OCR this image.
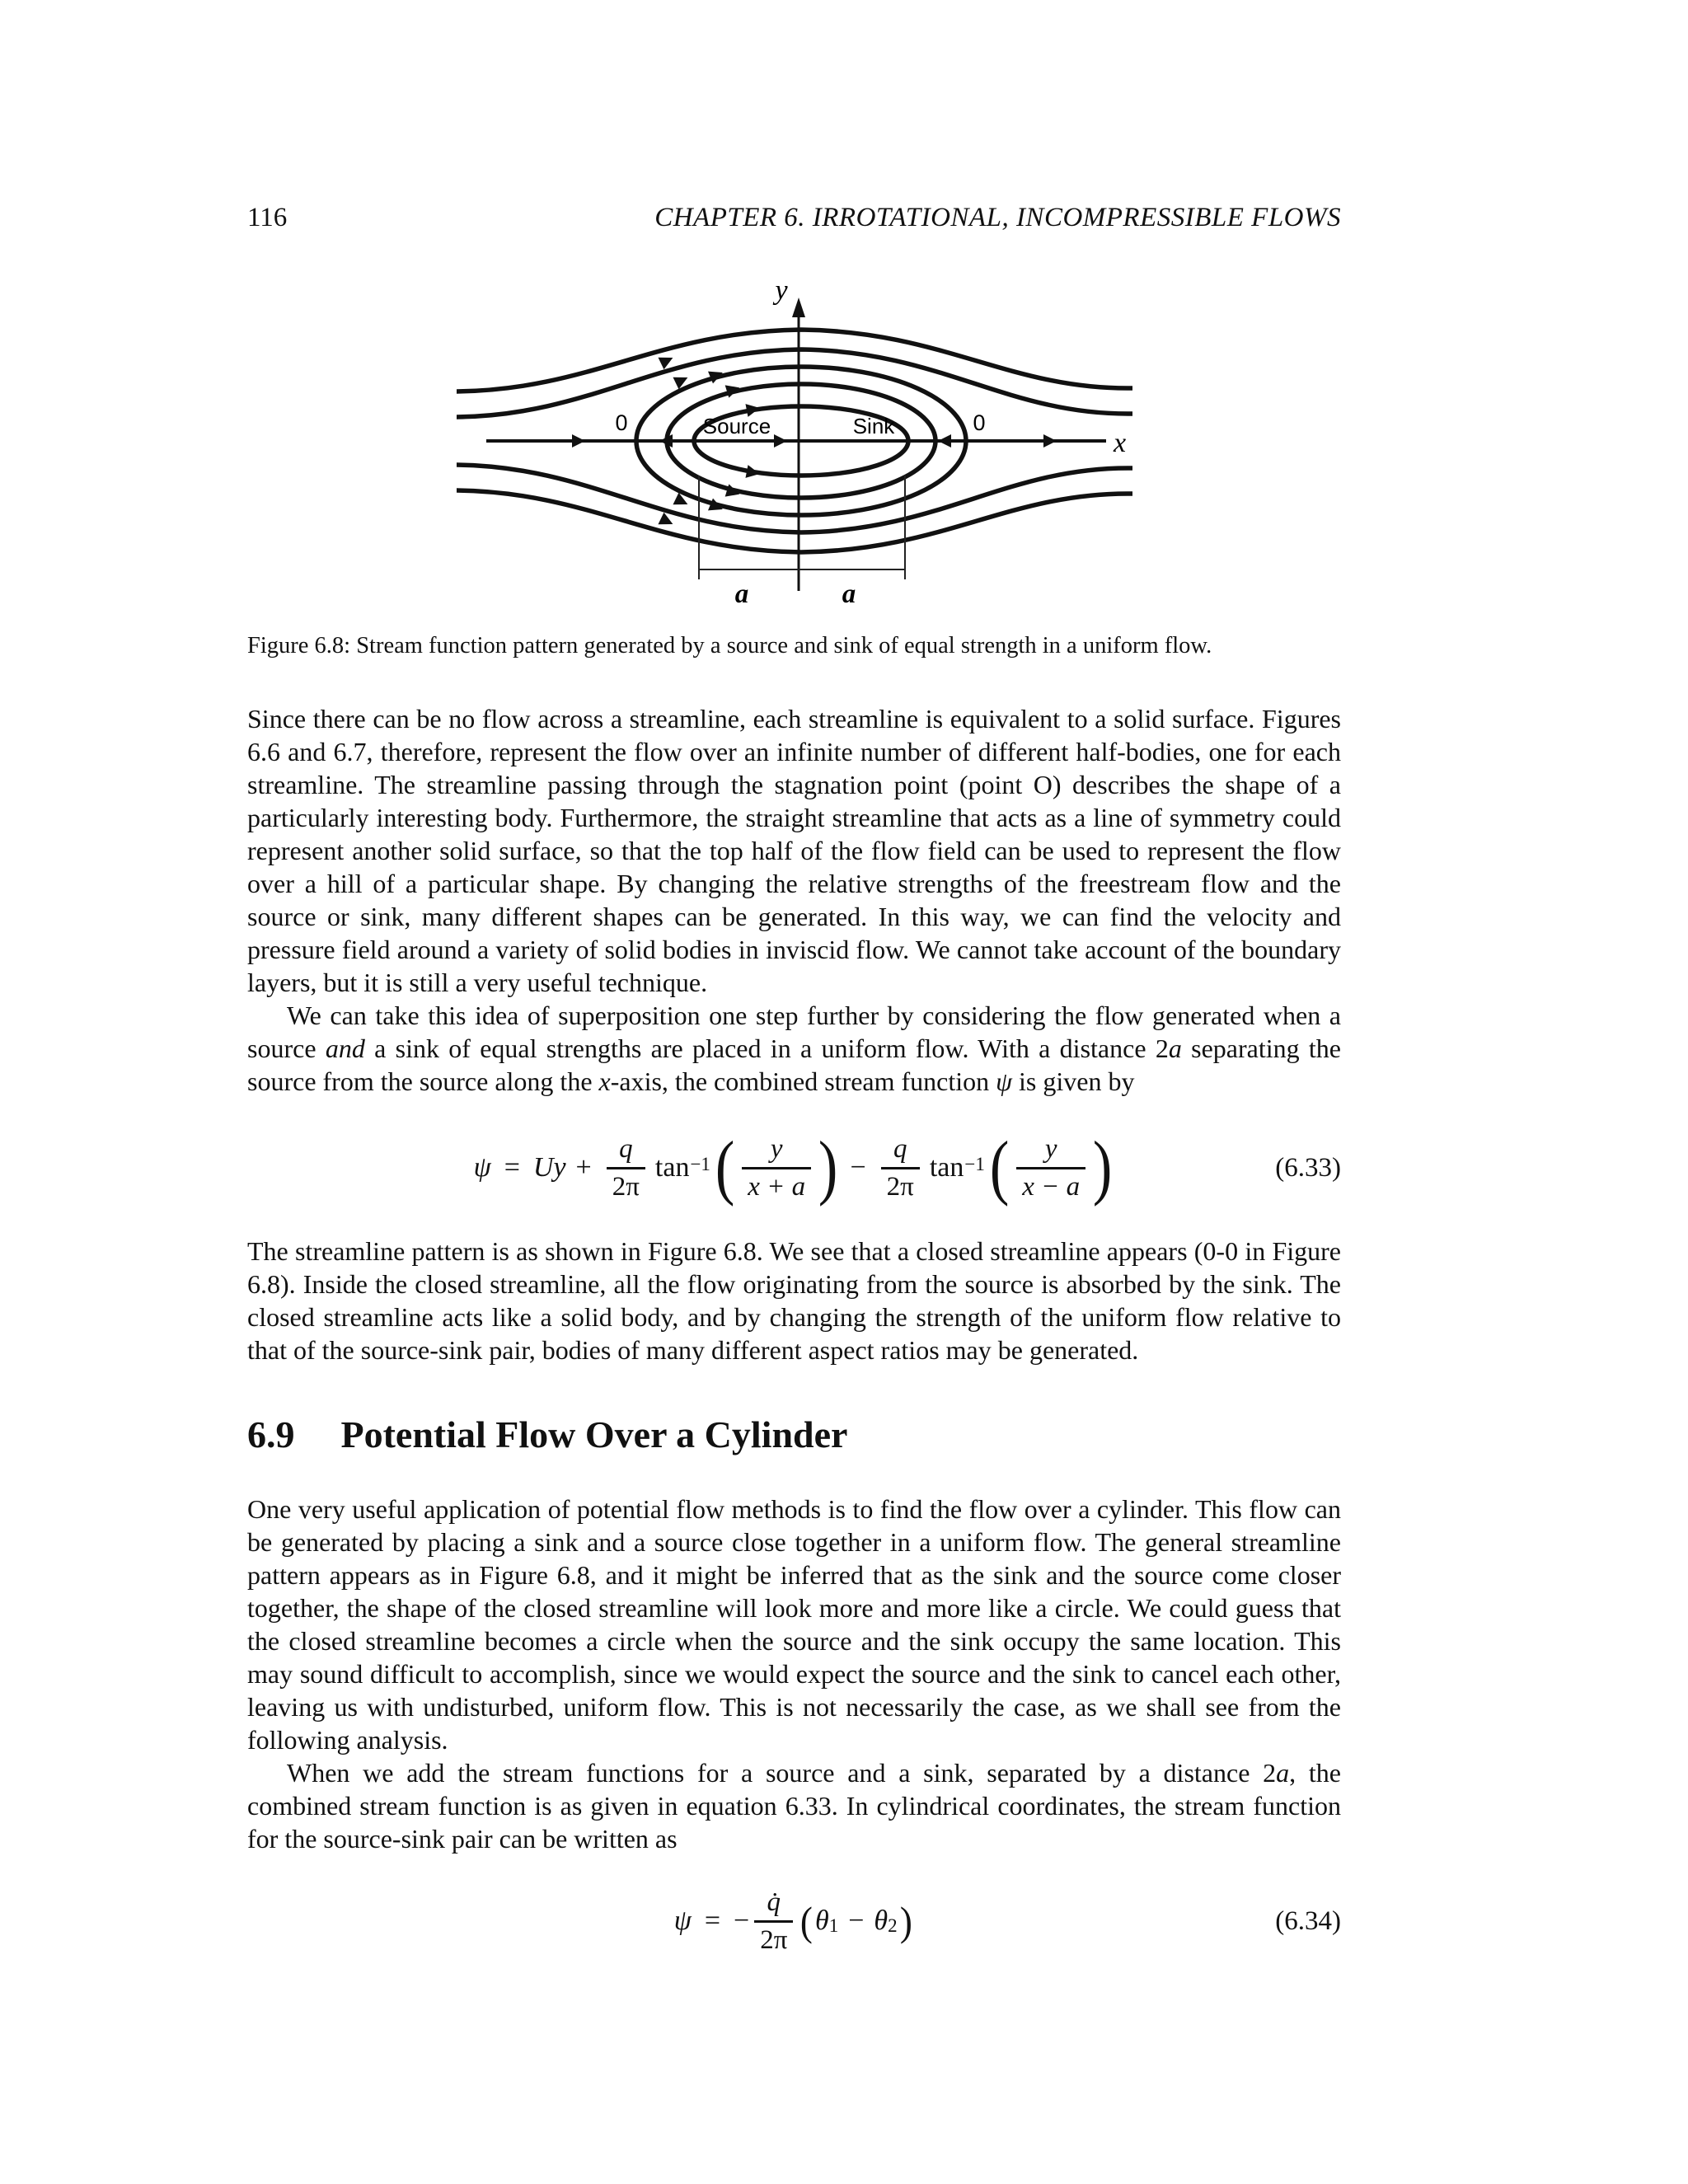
116	CHAPTER 6. IRROTATIONAL, INCOMPRESSIBLE FLOWS
y
x
Source	Sink
0	0
a	a

Figure 6.8: Stream function pattern generated by a source and sink of equal strength in a uniform flow.

Since there can be no flow across a streamline, each streamline is equivalent to a solid surface. Figures 6.6 and 6.7, therefore, represent the flow over an infinite number of different half-bodies, one for each streamline. The streamline passing through the stagnation point (point O) describes the shape of a particularly interesting body. Furthermore, the straight streamline that acts as a line of symmetry could represent another solid surface, so that the top half of the flow field can be used to represent the flow over a hill of a particular shape. By changing the relative strengths of the freestream flow and the source or sink, many different shapes can be generated. In this way, we can find the velocity and pressure field around a variety of solid bodies in inviscid flow. We cannot take account of the boundary layers, but it is still a very useful technique.

We can take this idea of superposition one step further by considering the flow generated when a source and a sink of equal strengths are placed in a uniform flow. With a distance 2a separating the source from the source along the x-axis, the combined stream function ψ is given by

$\psi = Uy + \frac{q}{2\pi} \tan^{-1}$ ( $\frac{y}{x + a}$ ) − $\frac{q}{2\pi} \tan^{-1}$ ( $\frac{y}{x - a}$ )	(6.33)

The streamline pattern is as shown in Figure 6.8. We see that a closed streamline appears (0-0 in Figure 6.8). Inside the closed streamline, all the flow originating from the source is absorbed by the sink. The closed streamline acts like a solid body, and by changing the strength of the uniform flow relative to that of the source-sink pair, bodies of many different aspect ratios may be generated.

6.9 Potential Flow Over a Cylinder

One very useful application of potential flow methods is to find the flow over a cylinder. This flow can be generated by placing a sink and a source close together in a uniform flow. The general streamline pattern appears as in Figure 6.8, and it might be inferred that as the sink and the source come closer together, the shape of the closed streamline will look more and more like a circle. We could guess that the closed streamline becomes a circle when the source and the sink occupy the same location. This may sound difficult to accomplish, since we would expect the source and the sink to cancel each other, leaving us with undisturbed, uniform flow. This is not necessarily the case, as we shall see from the following analysis.

When we add the stream functions for a source and a sink, separated by a distance 2a, the combined stream function is as given in equation 6.33. In cylindrical coordinates, the stream function for the source-sink pair can be written as

ψ = − $\frac{q̇}{2\pi}$ ( $\theta_1 - \theta_2$ )	(6.34)
